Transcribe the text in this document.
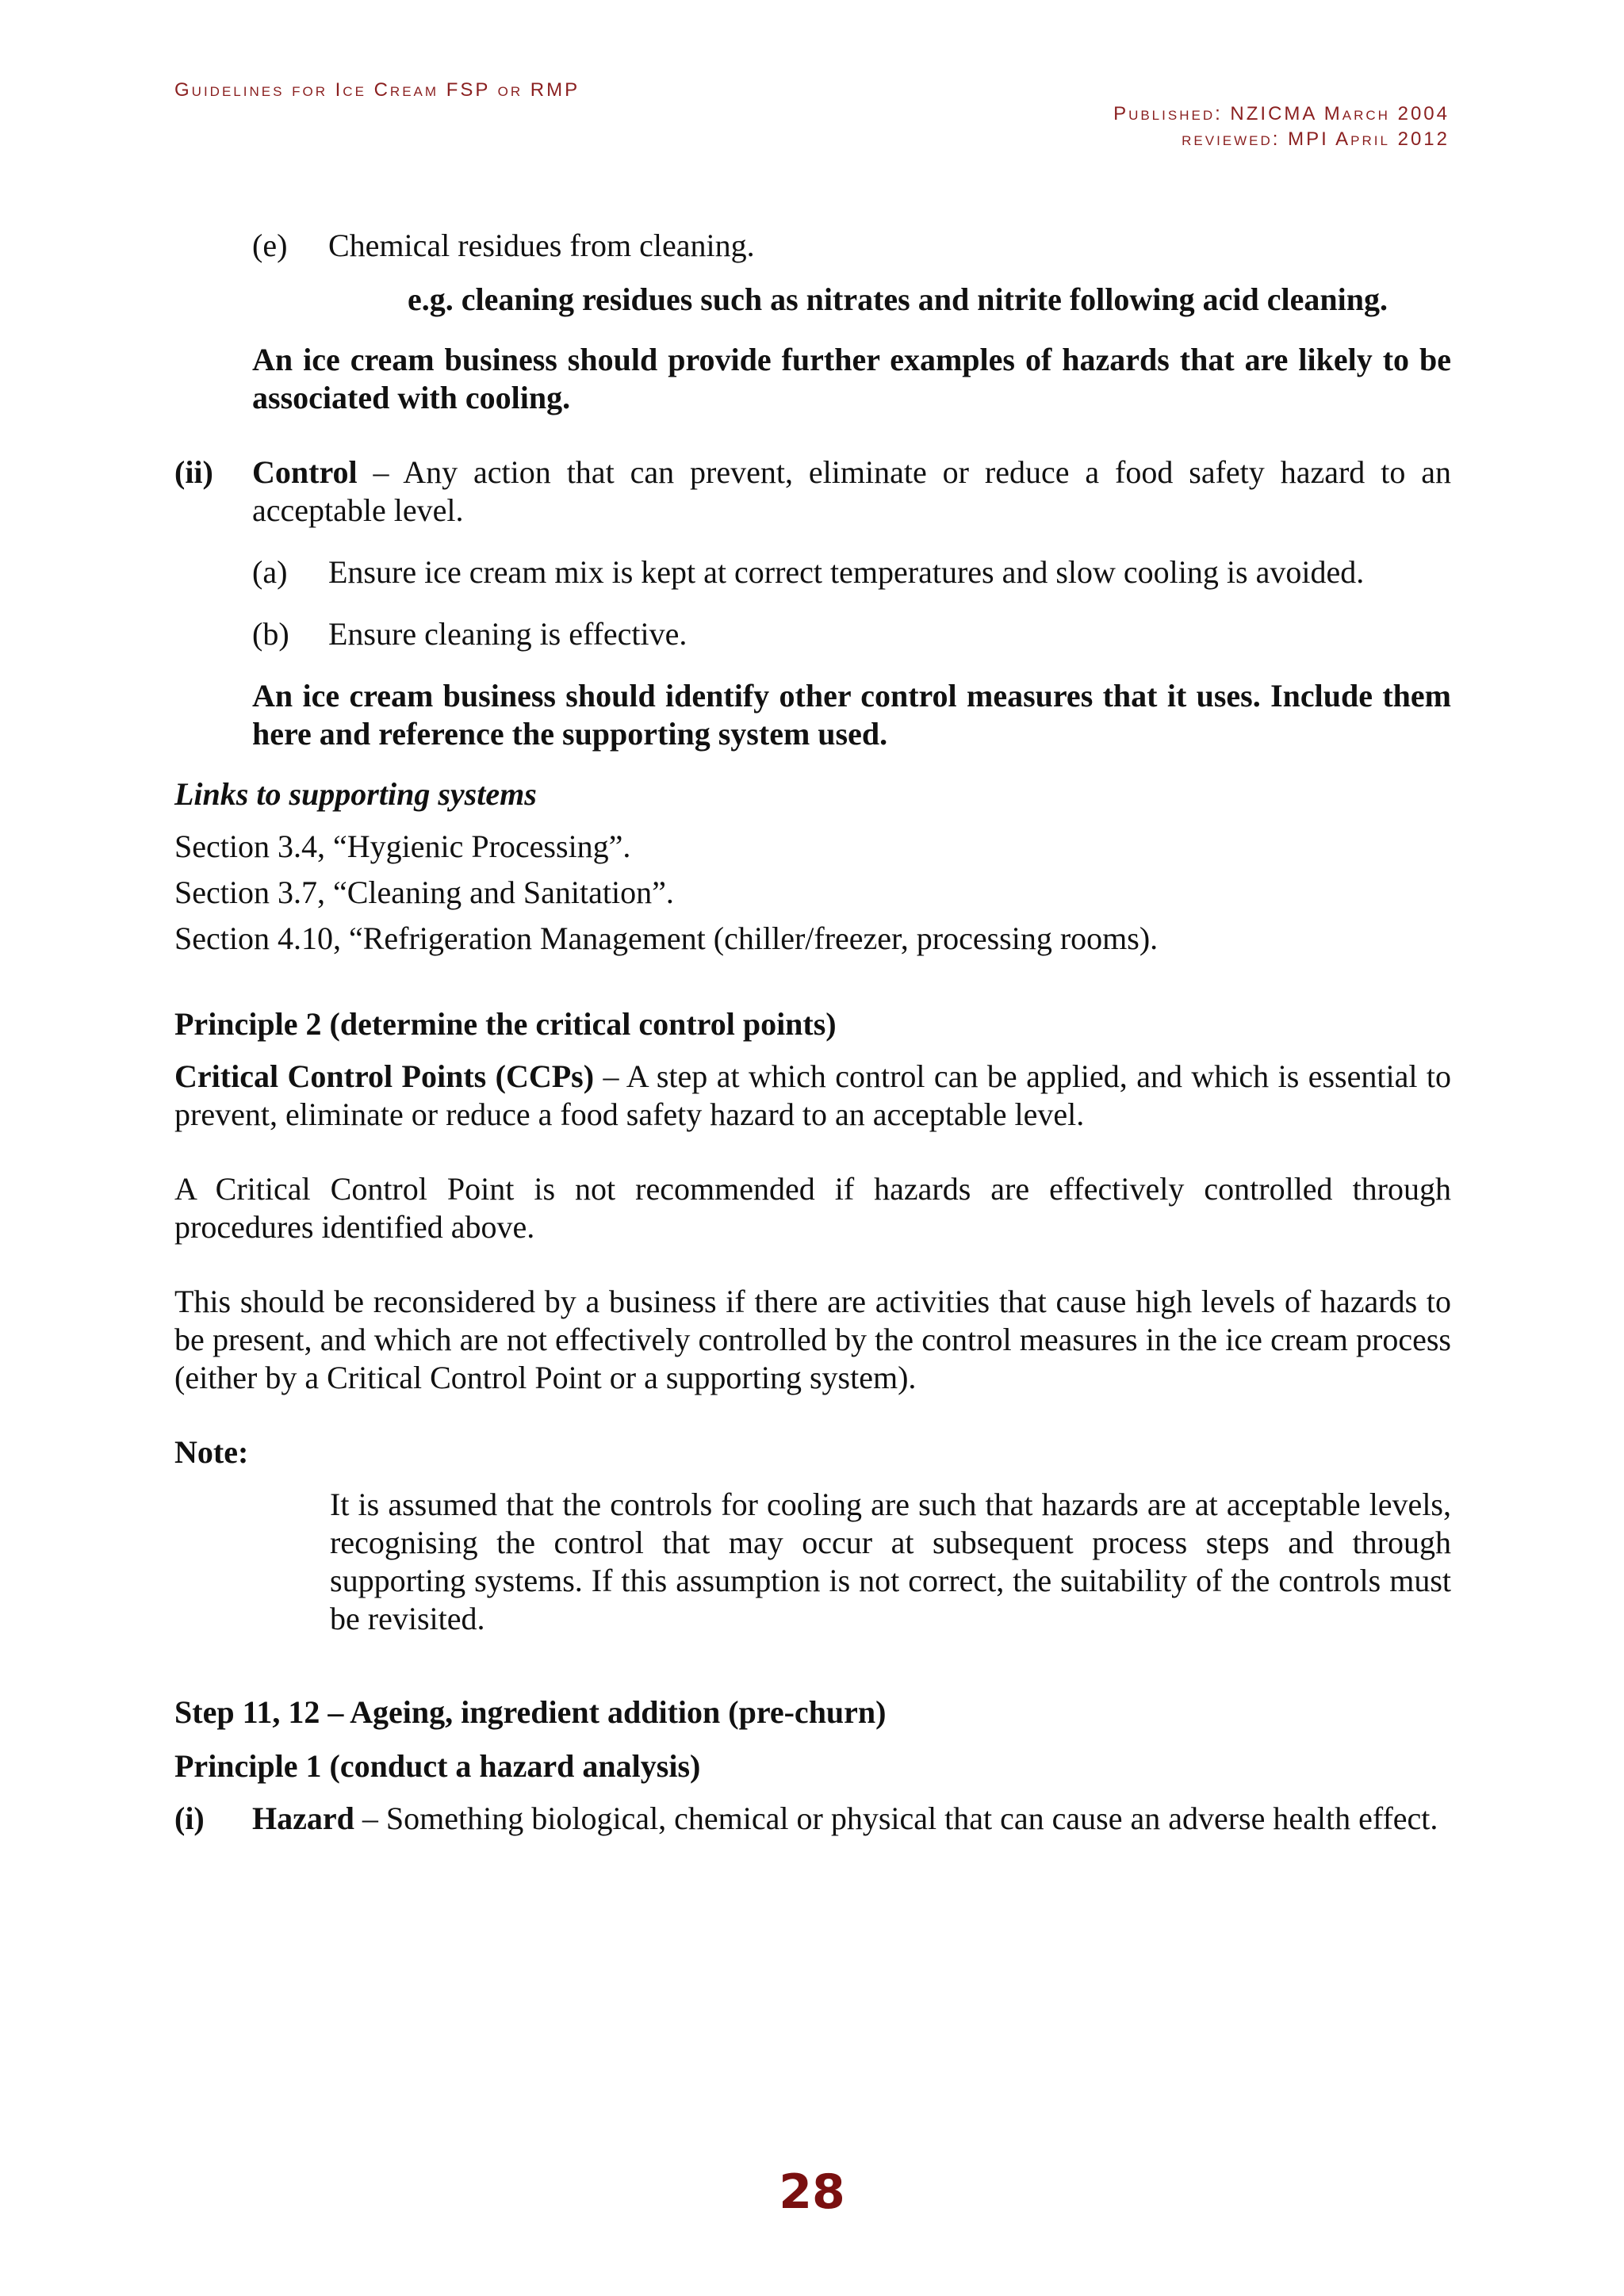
Guidelines for Ice Cream FSP or RMP
Published: NZICMA March 2004
reviewed: MPI April 2012
(e)	Chemical residues from cleaning.

e.g. cleaning residues such as nitrates and nitrite following acid cleaning.

An ice cream business should provide further examples of hazards that are likely to be associated with cooling.

(ii)	Control – Any action that can prevent, eliminate or reduce a food safety hazard to an acceptable level.
(a)	Ensure ice cream mix is kept at correct temperatures and slow cooling is avoided.
(b)	Ensure cleaning is effective.

An ice cream business should identify other control measures that it uses. Include them here and reference the supporting system used.

Links to supporting systems

Section 3.4, “Hygienic Processing”.

Section 3.7, “Cleaning and Sanitation”.

Section 4.10, “Refrigeration Management (chiller/freezer, processing rooms).

Principle 2 (determine the critical control points)

Critical Control Points (CCPs) – A step at which control can be applied, and which is essential to prevent, eliminate or reduce a food safety hazard to an acceptable level.

A Critical Control Point is not recommended if hazards are effectively controlled through procedures identified above.

This should be reconsidered by a business if there are activities that cause high levels of hazards to be present, and which are not effectively controlled by the control measures in the ice cream process (either by a Critical Control Point or a supporting system).

Note:

It is assumed that the controls for cooling are such that hazards are at acceptable levels, recognising the control that may occur at subsequent process steps and through supporting systems. If this assumption is not correct, the suitability of the controls must be revisited.

Step 11, 12 – Ageing, ingredient addition (pre-churn)

Principle 1 (conduct a hazard analysis)

(i)	Hazard – Something biological, chemical or physical that can cause an adverse health effect.
28
